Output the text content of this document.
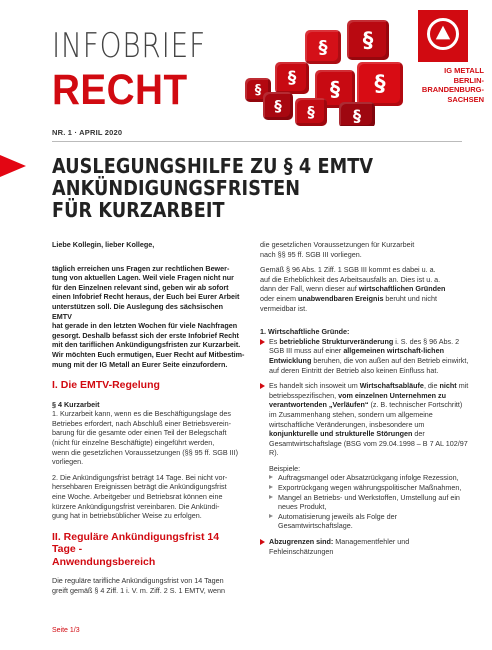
INFOBRIEF
RECHT	§
§
§
§
§
§
§
§ §
IG METALL
BERLIN-
BRANDENBURG-
SACHSEN
NR. 1 · APRIL 2020
AUSLEGUNGSHILFE ZU § 4 EMTV
ANKÜNDIGUNGSFRISTEN
FÜR KURZARBEIT

Liebe Kollegin, lieber Kollege,

täglich erreichen uns Fragen zur rechtlichen Bewer-
tung von aktuellen Lagen. Weil viele Fragen nicht nur
für den Einzelnen relevant sind, geben wir ab sofort
einen Infobrief Recht heraus, der Euch bei Eurer Arbeit
unterstützen soll. Die Auslegung des sächsischen EMTV
hat gerade in den letzten Wochen für viele Nachfragen
gesorgt. Deshalb befasst sich der erste Infobrief Recht
mit den tariflichen Ankündigungsfristen zur Kurzarbeit.
Wir möchten Euch ermutigen, Euer Recht auf Mitbestim-
mung mit der IG Metall an Eurer Seite einzufordern.

I. Die EMTV-Regelung
§ 4 Kurzarbeit

1. Kurzarbeit kann, wenn es die Beschäftigungslage des
Betriebes erfordert, nach Abschluß einer Betriebsverein-
barung für die gesamte oder einen Teil der Belegschaft
(nicht für einzelne Beschäftigte) eingeführt werden,
wenn die gesetzlichen Voraussetzungen (§§ 95 ff. SGB III)
vorliegen.

2. Die Ankündigungsfrist beträgt 14 Tage. Bei nicht vor-
hersehbaren Ereignissen beträgt die Ankündigungsfrist
eine Woche. Arbeitgeber und Betriebsrat können eine
kürzere Ankündigungsfrist vereinbaren. Die Ankündi-
gung hat in betriebsüblicher Weise zu erfolgen.

II. Reguläre Ankündigungsfrist 14 Tage -
Anwendungsbereich

Die reguläre tarifliche Ankündigungsfrist von 14 Tagen
greift gemäß § 4 Ziff. 1 i. V. m. Ziff. 2 S. 1 EMTV, wenn

die gesetzlichen Voraussetzungen für Kurzarbeit
nach §§ 95 ff. SGB III vorliegen.

Gemäß § 96 Abs. 1 Ziff. 1 SGB III kommt es dabei u. a.
auf die Erheblichkeit des Arbeitsausfalls an. Dies ist u. a.
dann der Fall, wenn dieser auf wirtschaftlichen Gründen
oder einem unabwendbaren Ereignis beruht und nicht vermeidbar ist.

1. Wirtschaftliche Gründe:
Es betriebliche Strukturveränderung i. S. des § 96 Abs. 2 SGB III muss auf einer allgemeinen wirtschaft-lichen Entwicklung beruhen, die von außen auf den Betrieb einwirkt, auf deren Eintritt der Betrieb also keinen Einfluss hat.
Es handelt sich insoweit um Wirtschaftsabläufe, die nicht mit betriebsspezifischen, vom einzelnen Unternehmen zu verantwortenden „Verläufen“ (z. B. technischer Fortschritt) im Zusammenhang stehen, sondern um allgemeine wirtschaftliche Veränderungen, insbesondere um konjunkturelle und strukturelle Störungen der Gesamtwirtschaftslage (BSG vom 29.04.1998 – B 7 AL 102/97 R).
Beispiele:
Auftragsmangel oder Absatzrückgang infolge Rezession,
Exportrückgang wegen währungspolitischer Maßnahmen,
Mangel an Betriebs- und Werkstoffen, Umstellung auf ein neues Produkt,
Automatisierung jeweils als Folge der Gesamtwirtschaftslage.
Abzugrenzen sind: Managementfehler und Fehleinschätzungen
Seite 1/3
